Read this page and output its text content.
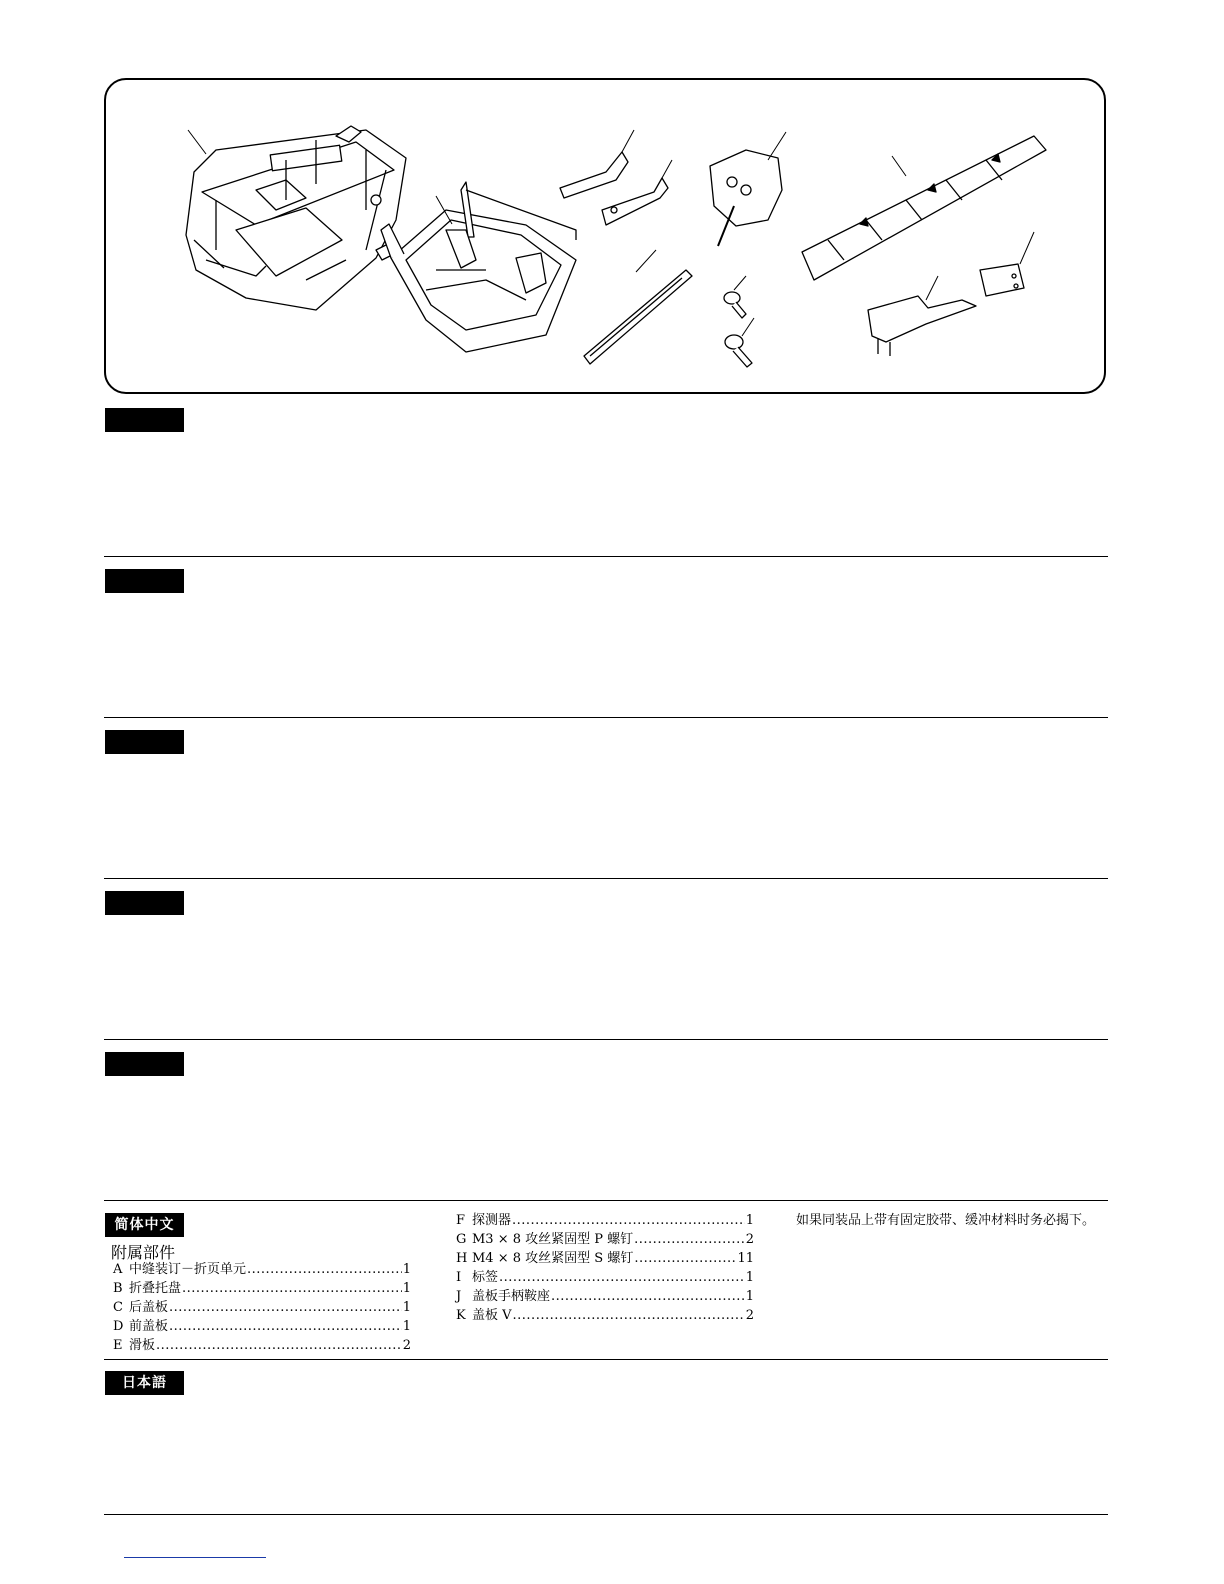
简体中文
附属部件
A 中缝装订－折页单元 .....	1
B 折叠托盘 .....	1
C 后盖板 .....	1
D 前盖板 .....	1
E 滑板 .....	2
F 探测器 .....	1
G M3 × 8 攻丝紧固型 P 螺钉 .....	2
H M4 × 8 攻丝紧固型 S 螺钉 .....	11
I 标签 .....	1
J 盖板手柄鞍座 .....	1
K 盖板 V .....	2
如果同装品上带有固定胶带、缓冲材料时务必揭下。
日本語
